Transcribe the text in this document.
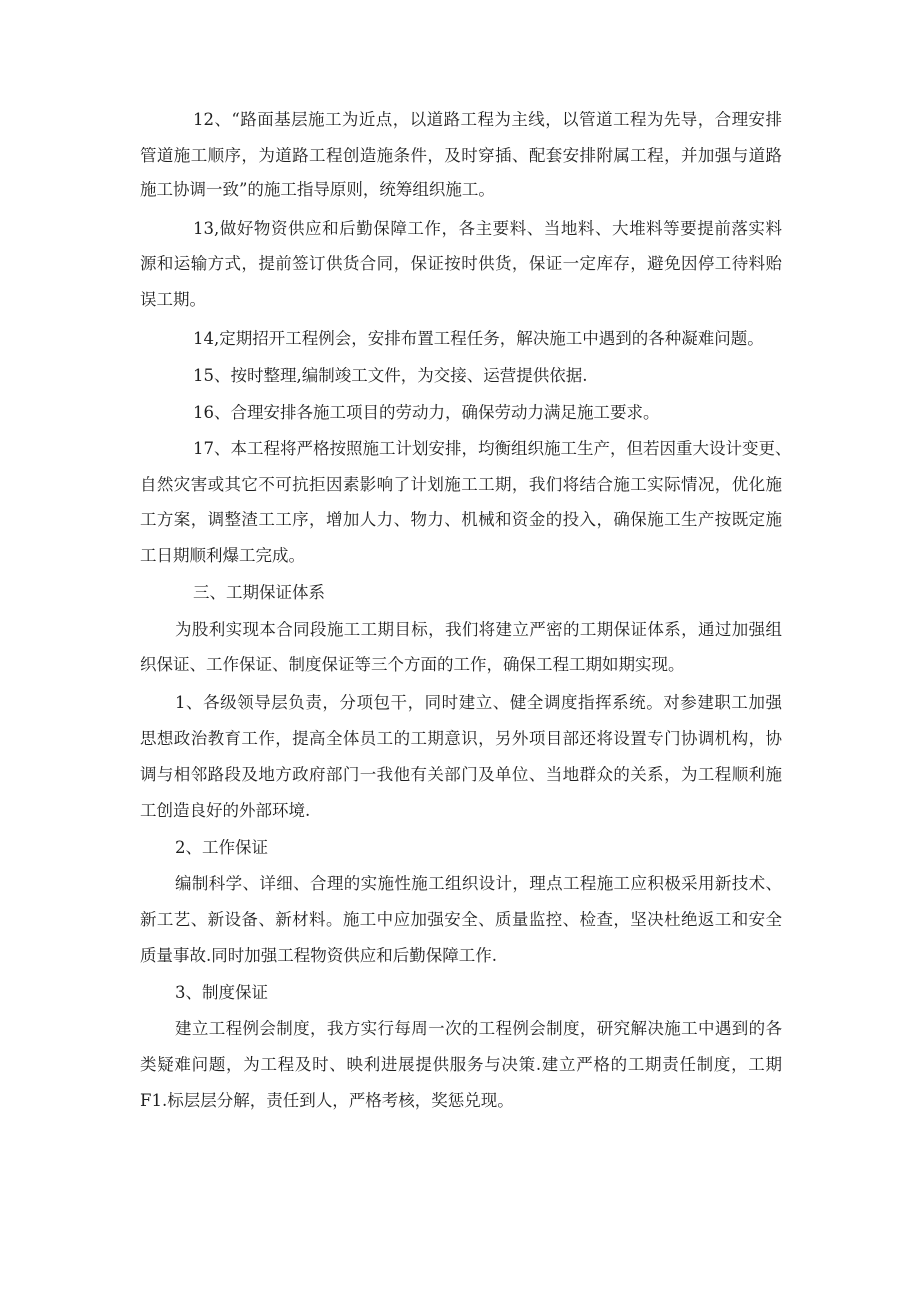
12、“路面基层施工为近点，以道路工程为主线，以管道工程为先导，合理安排
管道施工顺序，为道路工程创造施条件，及时穿插、配套安排附属工程，并加强与道路
施工协调一致”的施工指导原则，统筹组织施工。
13,做好物资供应和后勤保障工作，各主要料、当地料、大堆料等要提前落实料
源和运输方式，提前签订供货合同，保证按时供货，保证一定库存，避免因停工待料贻
误工期。
14,定期招开工程例会，安排布置工程任务，解决施工中遇到的各种凝难问题。
15、按时整理,编制竣工文件，为交接、运营提供依据.
16、合理安排各施工项目的劳动力，确保劳动力满足施工要求。
17、本工程将严格按照施工计划安排，均衡组织施工生产，但若因重大设计变更、
自然灾害或其它不可抗拒因素影响了计划施工工期，我们将结合施工实际情况，优化施
工方案，调整渣工工序，增加人力、物力、机械和资金的投入，确保施工生产按既定施
工日期顺利爆工完成。
三、工期保证体系
为股利实现本合同段施工工期目标，我们将建立严密的工期保证体系，通过加强组
织保证、工作保证、制度保证等三个方面的工作，确保工程工期如期实现。
1、各级领导层负责，分项包干，同时建立、健全调度指挥系统。对参建职工加强
思想政治教育工作，提高全体员工的工期意识，另外项目部还将设置专门协调机构，协
调与相邻路段及地方政府部门一我他有关部门及单位、当地群众的关系，为工程顺利施
工创造良好的外部环境.
2、工作保证
编制科学、详细、合理的实施性施工组织设计，理点工程施工应积极采用新技术、
新工艺、新设备、新材料。施工中应加强安全、质量监控、检查，坚决杜绝返工和安全
质量事故.同时加强工程物资供应和后勤保障工作.
3、制度保证
建立工程例会制度，我方实行每周一次的工程例会制度，研究解决施工中遇到的各
类疑难问题，为工程及时、映利进展提供服务与决策.建立严格的工期责任制度，工期
F1.标层层分解，责任到人，严格考核，奖惩兑现。
